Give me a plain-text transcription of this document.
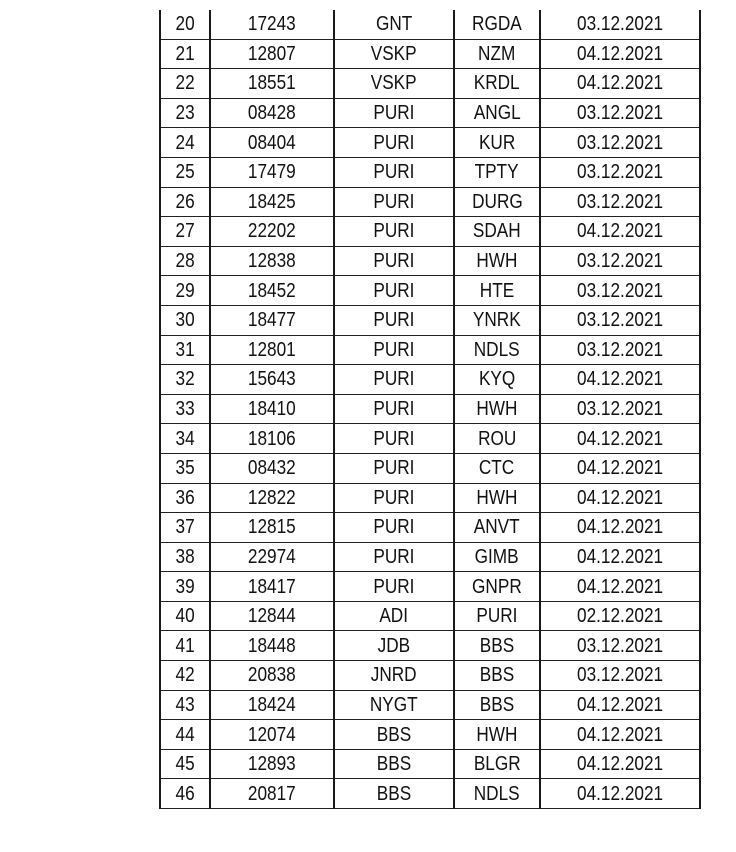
20	17243	GNT	RGDA	03.12.2021
21	12807	VSKP	NZM	04.12.2021
22	18551	VSKP	KRDL	04.12.2021
23	08428	PURI	ANGL	03.12.2021
24	08404	PURI	KUR	03.12.2021
25	17479	PURI	TPTY	03.12.2021
26	18425	PURI	DURG	03.12.2021
27	22202	PURI	SDAH	04.12.2021
28	12838	PURI	HWH	03.12.2021
29	18452	PURI	HTE	03.12.2021
30	18477	PURI	YNRK	03.12.2021
31	12801	PURI	NDLS	03.12.2021
32	15643	PURI	KYQ	04.12.2021
33	18410	PURI	HWH	03.12.2021
34	18106	PURI	ROU	04.12.2021
35	08432	PURI	CTC	04.12.2021
36	12822	PURI	HWH	04.12.2021
37	12815	PURI	ANVT	04.12.2021
38	22974	PURI	GIMB	04.12.2021
39	18417	PURI	GNPR	04.12.2021
40	12844	ADI	PURI	02.12.2021
41	18448	JDB	BBS	03.12.2021
42	20838	JNRD	BBS	03.12.2021
43	18424	NYGT	BBS	04.12.2021
44	12074	BBS	HWH	04.12.2021
45	12893	BBS	BLGR	04.12.2021
46	20817	BBS	NDLS	04.12.2021
